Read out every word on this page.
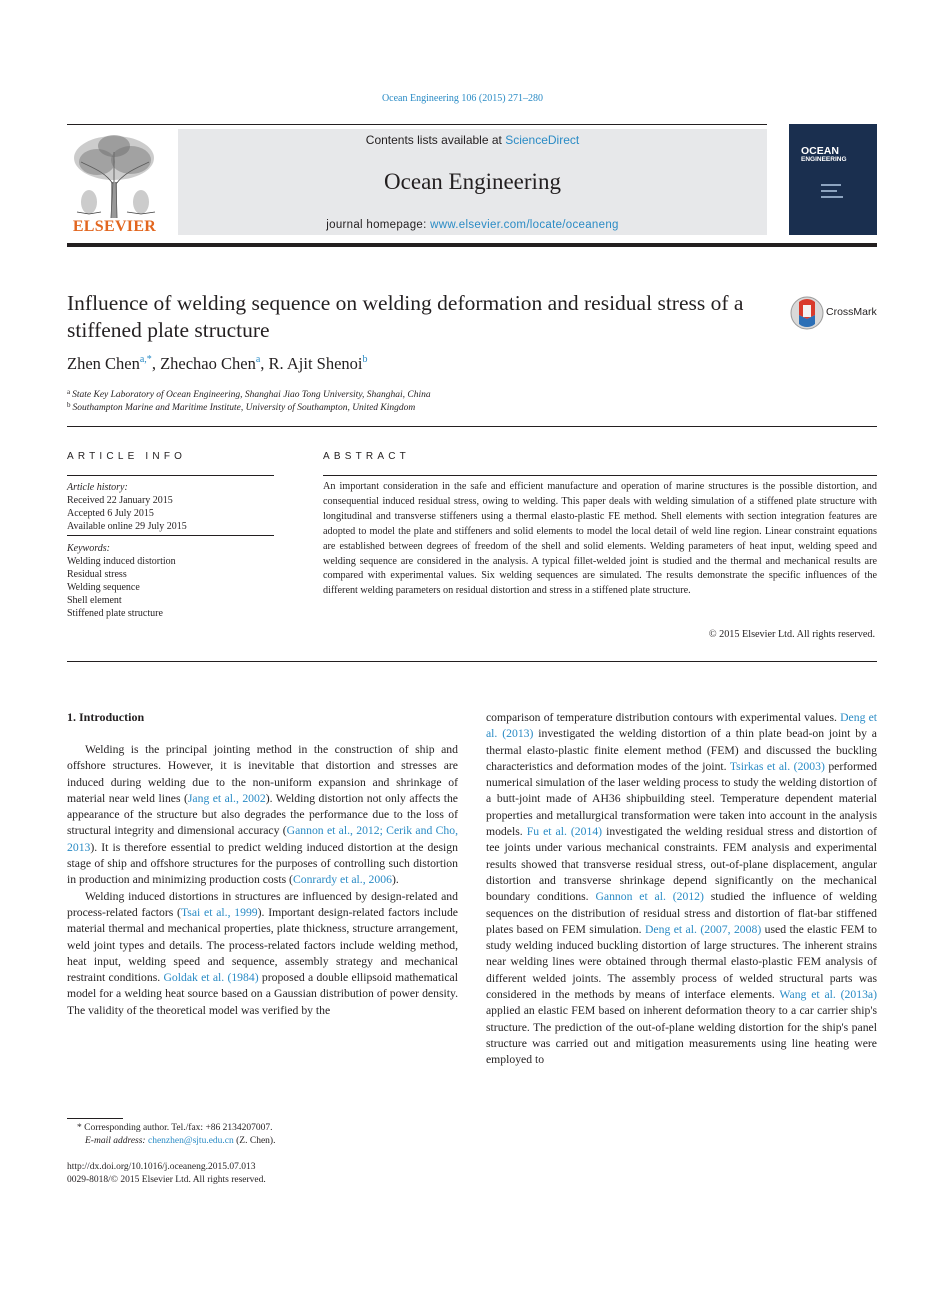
Ocean Engineering 106 (2015) 271–280
ELSEVIER
Contents lists available at ScienceDirect
Ocean Engineering
journal homepage: www.elsevier.com/locate/oceaneng
OCEAN
ENGINEERING
Influence of welding sequence on welding deformation and residual stress of a stiffened plate structure
CrossMark
Zhen Chen$^{a,*}$, Zhechao Chen$^a$, R. Ajit Shenoi$^b$
$^a$ State Key Laboratory of Ocean Engineering, Shanghai Jiao Tong University, Shanghai, China
$^b$ Southampton Marine and Maritime Institute, University of Southampton, United Kingdom
ARTICLE INFO
Article history:
Received 22 January 2015
Accepted 6 July 2015
Available online 29 July 2015
Keywords:
Welding induced distortion
Residual stress
Welding sequence
Shell element
Stiffened plate structure
ABSTRACT
An important consideration in the safe and efficient manufacture and operation of marine structures is the possible distortion, and consequential induced residual stress, owing to welding. This paper deals with welding simulation of a stiffened plate structure with longitudinal and transverse stiffeners using a thermal elasto-plastic FE method. Shell elements with section integration features are adopted to model the plate and stiffeners and solid elements to model the local detail of weld line region. Linear constraint equations are established between degrees of freedom of the shell and solid elements. Welding parameters of heat input, welding speed and welding sequence are considered in the analysis. A typical fillet-welded joint is studied and the thermal and mechanical results are compared with experimental values. Six welding sequences are simulated. The results demonstrate the specific influences of the different welding parameters on residual distortion and stress in a stiffened plate structure.
© 2015 Elsevier Ltd. All rights reserved.
1. Introduction

Welding is the principal jointing method in the construction of ship and offshore structures. However, it is inevitable that distortion and stresses are induced during welding due to the non-uniform expansion and shrinkage of material near weld lines (Jang et al., 2002). Welding distortion not only affects the appearance of the structure but also degrades the performance due to the loss of structural integrity and dimensional accuracy (Gannon et al., 2012; Cerik and Cho, 2013). It is therefore essential to predict welding induced distortion at the design stage of ship and offshore structures for the purposes of controlling such distortion in production and minimizing production costs (Conrardy et al., 2006).

Welding induced distortions in structures are influenced by design-related and process-related factors (Tsai et al., 1999). Important design-related factors include material thermal and mechanical properties, plate thickness, structure arrangement, weld joint types and details. The process-related factors include welding method, heat input, welding speed and sequence, assembly strategy and mechanical restraint conditions. Goldak et al. (1984) proposed a double ellipsoid mathematical model for a welding heat source based on a Gaussian distribution of power density. The validity of the theoretical model was verified by the

comparison of temperature distribution contours with experimental values. Deng et al. (2013) investigated the welding distortion of a thin plate bead-on joint by a thermal elasto-plastic finite element method (FEM) and discussed the buckling characteristics and deformation modes of the joint. Tsirkas et al. (2003) performed numerical simulation of the laser welding process to study the welding distortion of a butt-joint made of AH36 shipbuilding steel. Temperature dependent material properties and metallurgical transformation were taken into account in the analysis models. Fu et al. (2014) investigated the welding residual stress and distortion of tee joints under various mechanical constraints. FEM analysis and experimental results showed that transverse residual stress, out-of-plane displacement, angular distortion and transverse shrinkage depend significantly on the mechanical boundary conditions. Gannon et al. (2012) studied the influence of welding sequences on the distribution of residual stress and distortion of flat-bar stiffened plates based on FEM simulation. Deng et al. (2007, 2008) used the elastic FEM to study welding induced buckling distortion of large structures. The inherent strains near welding lines were obtained through thermal elasto-plastic FEM analysis of different welded joints. The assembly process of welded structural parts was considered in the methods by means of interface elements. Wang et al. (2013a) applied an elastic FEM based on inherent deformation theory to a car carrier ship's structure. The prediction of the out-of-plane welding distortion for the ship's panel structure was carried out and mitigation measurements using line heating were employed to

* Corresponding author. Tel./fax: +86 2134207007.
E-mail address: chenzhen@sjtu.edu.cn (Z. Chen).
http://dx.doi.org/10.1016/j.oceaneng.2015.07.013
0029-8018/© 2015 Elsevier Ltd. All rights reserved.
